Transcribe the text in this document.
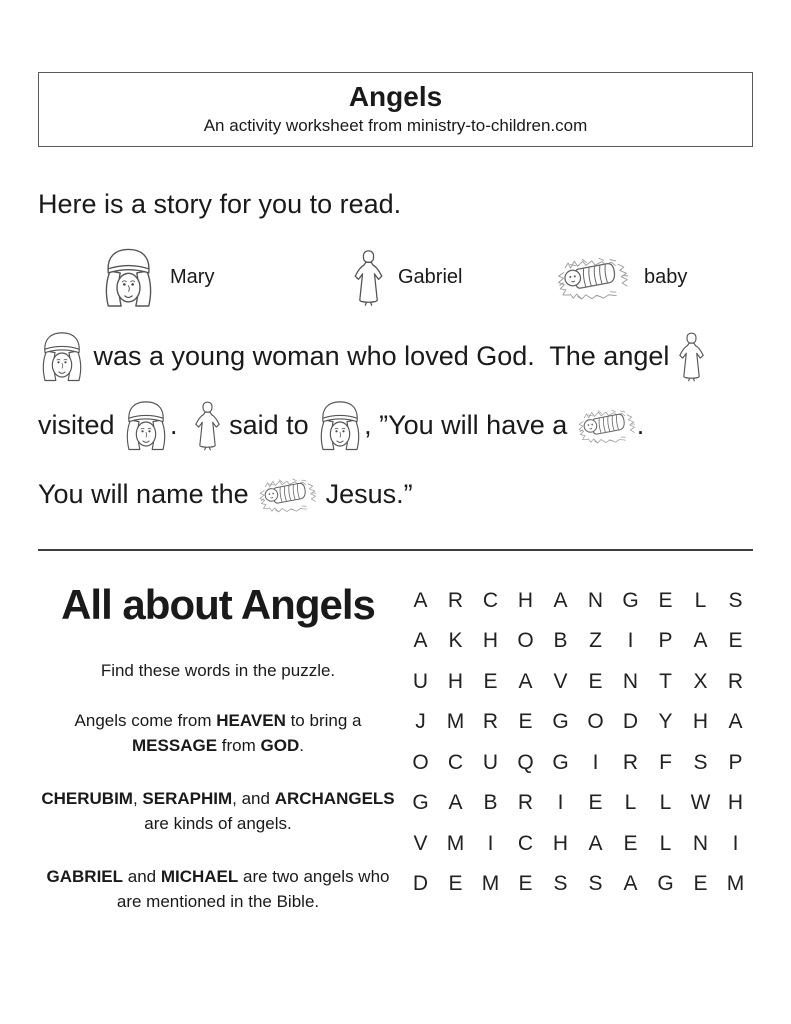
Angels
An activity worksheet from ministry-to-children.com
Here is a story for you to read.
Mary	Gabriel	baby
was a young woman who loved God.  The angel
visited . said to , ”You will have a .
You will name the Jesus.”
All about Angels
Find these words in the puzzle.

Angels come from HEAVEN to bring a MESSAGE from GOD.

CHERUBIM, SERAPHIM, and ARCHANGELS are kinds of angels.

GABRIEL and MICHAEL are two angels who are mentioned in the Bible.

A R C H A N G E	L	S
A K H O B	Z	I	P A E
U H E A V E N	T	X R
J	M R E G O D Y H A
O C U Q G	I	R	F	S P
G A B R	I	E	L	L W H
V M	I	C H A E	L	N	I
D E M E S S A G E M
